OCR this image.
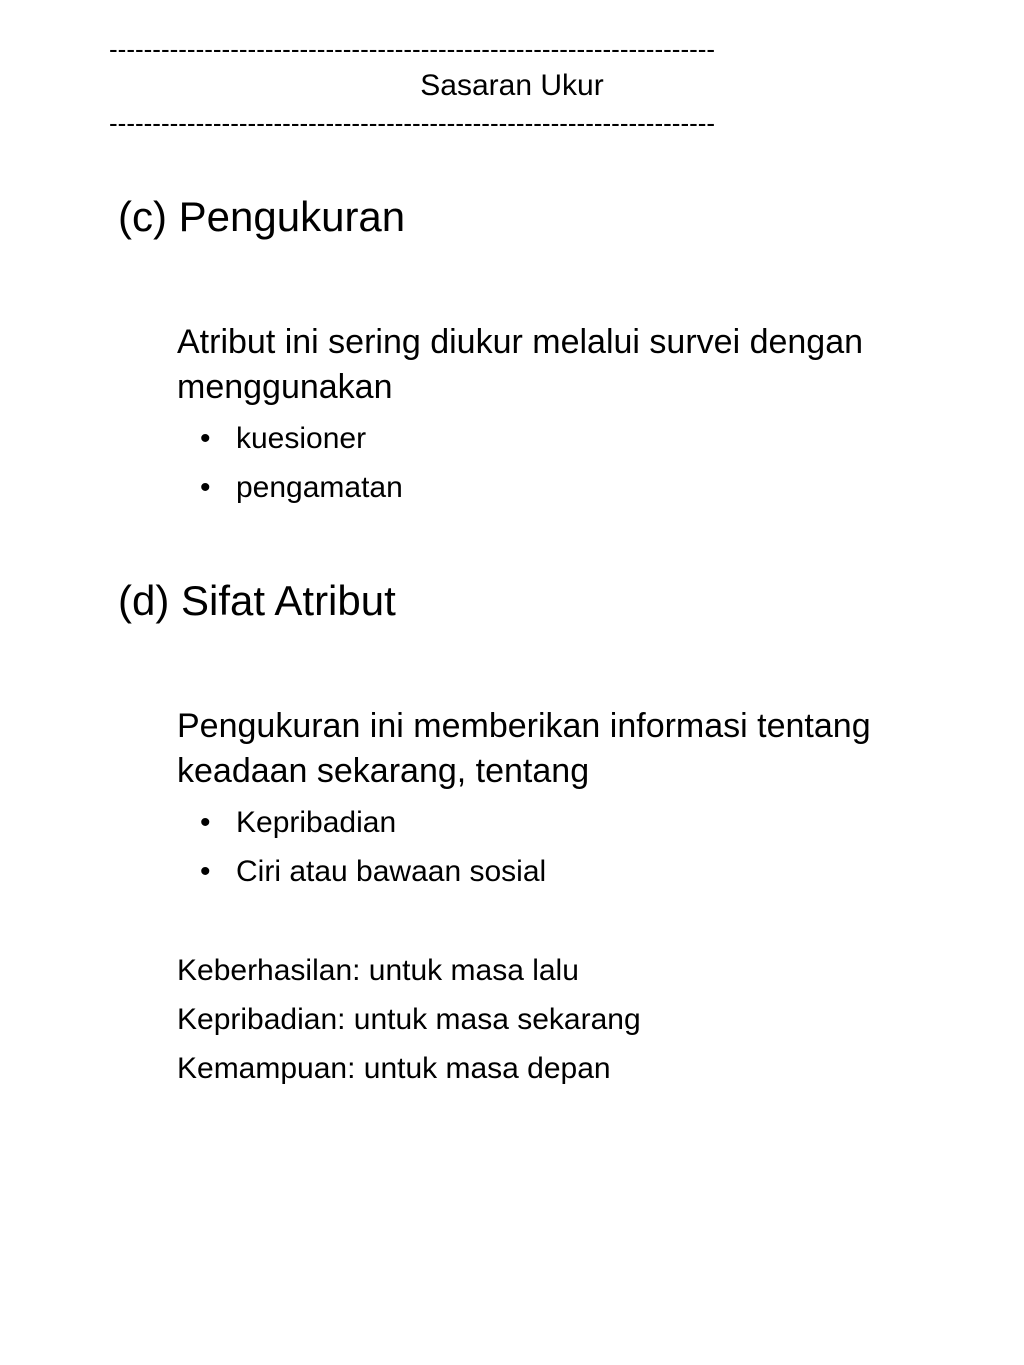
----------------------------------------------------------------------
Sasaran Ukur
----------------------------------------------------------------------
(c) Pengukuran
Atribut ini sering diukur melalui survei dengan menggunakan
• kuesioner
• pengamatan
(d) Sifat Atribut
Pengukuran ini memberikan informasi tentang keadaan sekarang, tentang
• Kepribadian
• Ciri atau bawaan sosial
Keberhasilan: untuk masa lalu
Kepribadian: untuk masa sekarang
Kemampuan: untuk masa depan
